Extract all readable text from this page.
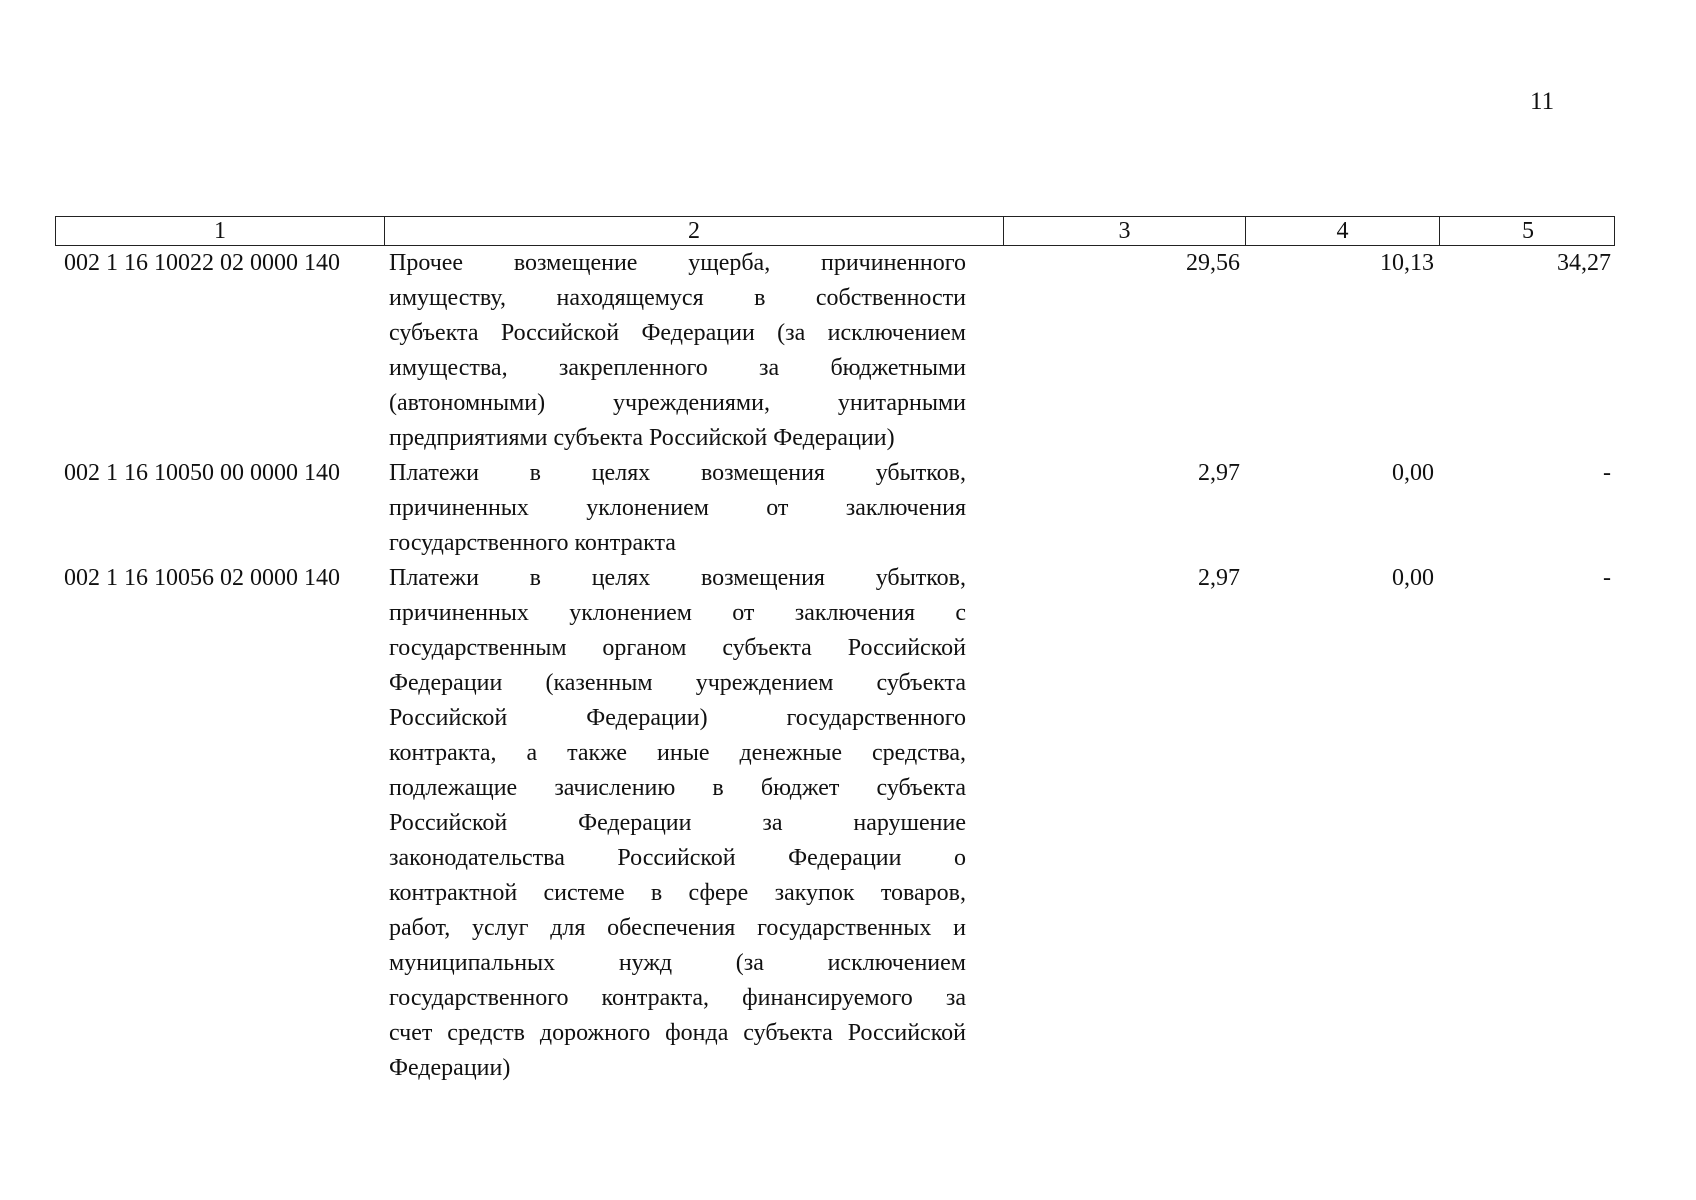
11
1	2	3	4	5
002 1 16 10022 02 0000 140	Прочее возмещение ущерба, причиненного
имуществу, находящемуся в собственности
субъекта Российской Федерации (за исключением
имущества, закрепленного за бюджетными
(автономными) учреждениями, унитарными
предприятиями субъекта Российской Федерации)
29,56	10,13	34,27
002 1 16 10050 00 0000 140	Платежи в целях возмещения убытков,
причиненных уклонением от заключения
государственного контракта
2,97	0,00	-
002 1 16 10056 02 0000 140	Платежи в целях возмещения убытков,
причиненных уклонением от заключения с
государственным органом субъекта Российской
Федерации (казенным учреждением субъекта
Российской Федерации) государственного
контракта, а также иные денежные средства,
подлежащие зачислению в бюджет субъекта
Российской Федерации за нарушение
законодательства Российской Федерации о
контрактной системе в сфере закупок товаров,
работ, услуг для обеспечения государственных и
муниципальных нужд (за исключением
государственного контракта, финансируемого за
счет средств дорожного фонда субъекта Российской
Федерации)
2,97	0,00	-
